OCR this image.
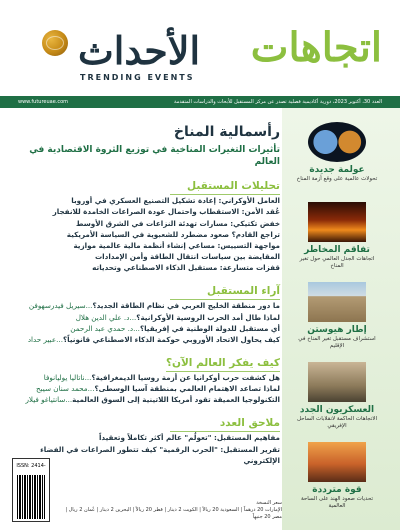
الأحداث
TRENDING EVENTS
اتجاهات
www.futureuae.com	العدد 30، أكتوبر 2023، دورية أكاديمية فصلية تصدر عن مركز المستقبل للأبحاث والدراسات المتقدمة
رأسمالية المناخ
تأثيرات التغيرات المناخية في توزيع الثروة الاقتصادية في العالم
تحليلات المستقبل
العامل الأوكراني: إعادة تشكيل التصنيع العسكري في أوروبا
عُقد الأمن: الاستقطاب واحتمال عودة الصراعات الخامدة للانفجار
خفض تكتيكي: مسارات تهدئة النزاعات في الشرق الأوسط
تراجع القادم؟ صعود مضطرد للشعبوية في السياسة الأمريكية
مواجهة التسييس: مساعي إنشاء أنظمة مالية عالمية موازية
المقايضة بين سياسات انتقال الطاقة وأمن الإمدادات
قفزات متسارعة: مستقبل الذكاء الاصطناعي وتحدياته
آراء المستقبل
ما دور منطقة الخليج العربي في نظام الطاقة الجديد؟...سيريل فيدرسهوفن
لماذا طال أمد الحرب الروسية الأوكرانية؟...د. علي الدين هلال
أي مستقبل للدولة الوطنية في إفريقيا؟...د. حمدي عبد الرحمن
كيف يحاول الاتحاد الأوروبي حوكمة الذكاء الاصطناعي قانونياً؟...عبير حداد
كيف يفكر العالم الآن؟
هل كشفت حرب أوكرانيا عن أزمة روسيا الديمغرافية؟...ناتاليا يوليانوفا
لماذا تصاعد الاهتمام العالمي بمنطقة آسيا الوسطى؟...محمد سنان سيبح
التكنولوجيا العميقة تقود أمريكا اللاتينية إلى السوق العالمية...سانتياغو فيلار
ملاحق العدد
مفاهيم المستقبل: "تعولُم" عالم أكثر تكاملاً وتعقيداً
تقرير المستقبل: "الحرب الرقمية" كيف تتطور الصراعات في الفضاء الإلكتروني
عولمة جديدة
تحولات عالمية على وقع أزمة المناخ
تفاقم المخاطر
اتجاهات الجدل العالمي حول تغير المناخ
إطار هيوستن
استشراف مستقبل تغير المناخ في الإقليم
العسكريون الجدد
الاتجاهات الحاكمة لانقلابات الساحل الإفريقي
قوة مترددة
تحديات صعود الهند على الساحة العالمية
ISSN: 2414-
سعر النسخة
الإمارات 20 درهماً | السعودية 20 ريالاً | الكويت 2 دينار | قطر 20 ريالاً | البحرين 2 دينار | عُمان 2 ريال | مصر 20 جنيهاً
